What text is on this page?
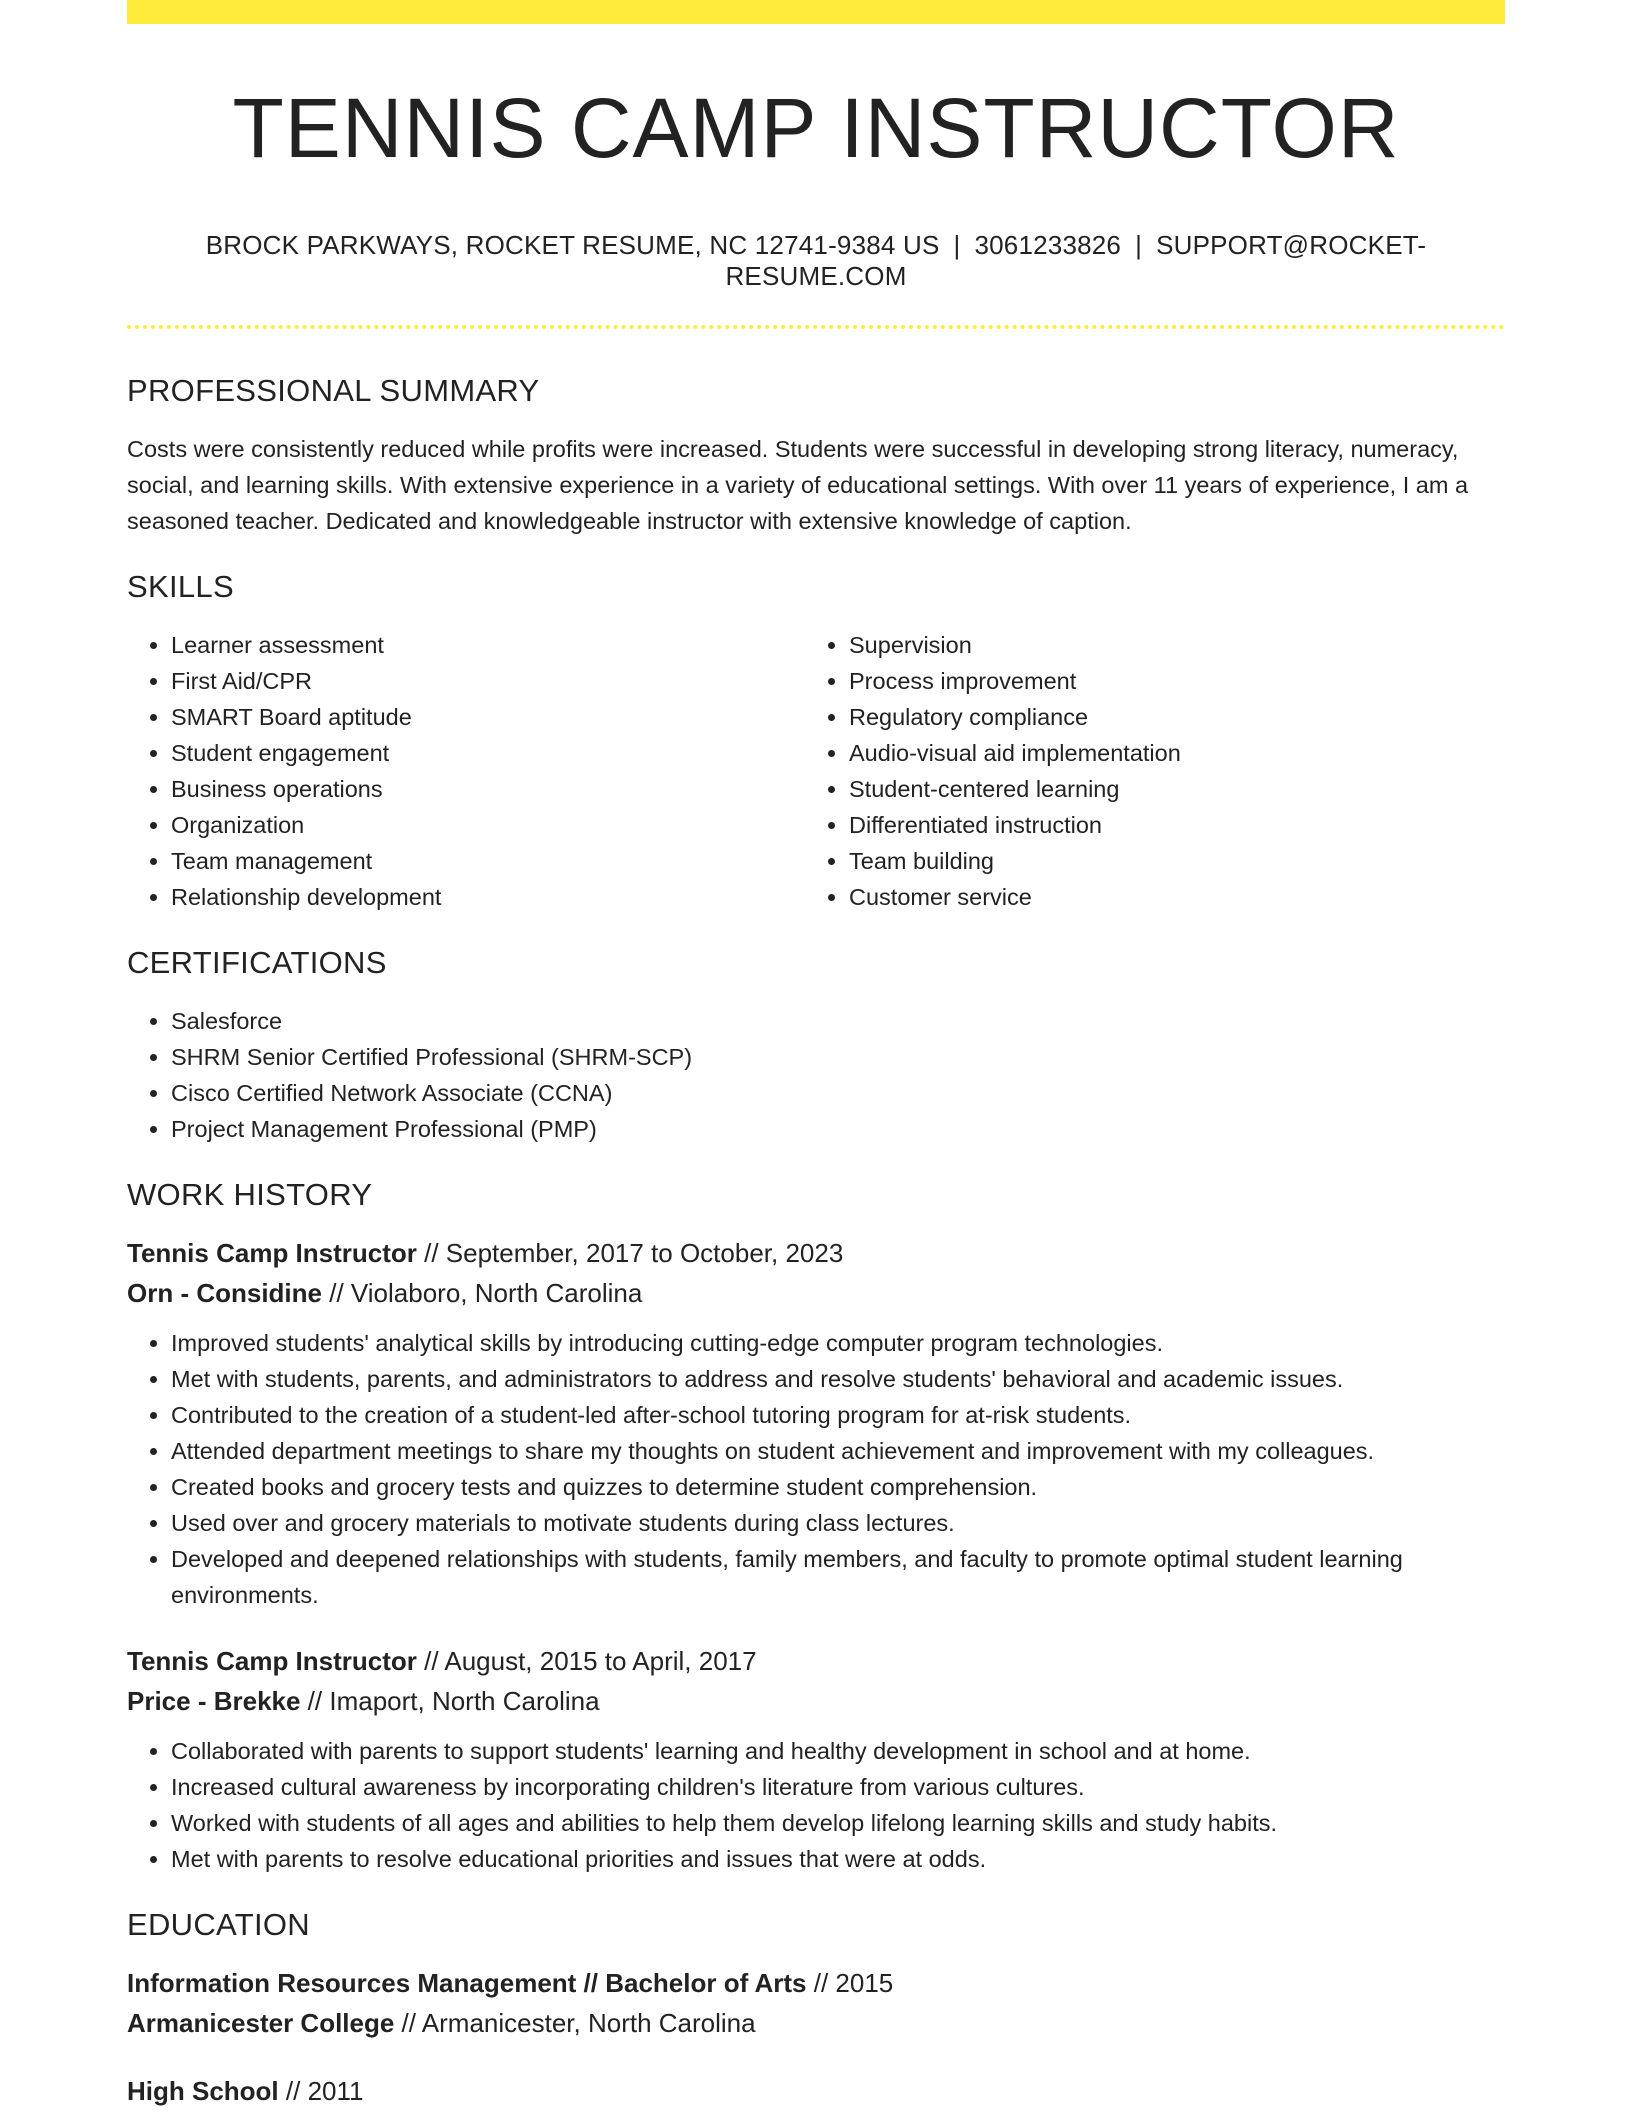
TENNIS CAMP INSTRUCTOR
BROCK PARKWAYS, ROCKET RESUME, NC 12741-9384 US | 3061233826 | SUPPORT@ROCKET-RESUME.COM
PROFESSIONAL SUMMARY

Costs were consistently reduced while profits were increased. Students were successful in developing strong literacy, numeracy, social, and learning skills. With extensive experience in a variety of educational settings. With over 11 years of experience, I am a seasoned teacher. Dedicated and knowledgeable instructor with extensive knowledge of caption.

SKILLS
• Learner assessment
• First Aid/CPR
• SMART Board aptitude
• Student engagement
• Business operations
• Organization
• Team management
• Relationship development
• Supervision
• Process improvement
• Regulatory compliance
• Audio-visual aid implementation
• Student-centered learning
• Differentiated instruction
• Team building
• Customer service
CERTIFICATIONS
• Salesforce
• SHRM Senior Certified Professional (SHRM-SCP)
• Cisco Certified Network Associate (CCNA)
• Project Management Professional (PMP)
WORK HISTORY
Tennis Camp Instructor // September, 2017 to October, 2023
Orn - Considine // Violaboro, North Carolina
• Improved students' analytical skills by introducing cutting-edge computer program technologies.
• Met with students, parents, and administrators to address and resolve students' behavioral and academic issues.
• Contributed to the creation of a student-led after-school tutoring program for at-risk students.
• Attended department meetings to share my thoughts on student achievement and improvement with my colleagues.
• Created books and grocery tests and quizzes to determine student comprehension.
• Used over and grocery materials to motivate students during class lectures.
• Developed and deepened relationships with students, family members, and faculty to promote optimal student learning environments.
Tennis Camp Instructor // August, 2015 to April, 2017
Price - Brekke // Imaport, North Carolina
• Collaborated with parents to support students' learning and healthy development in school and at home.
• Increased cultural awareness by incorporating children's literature from various cultures.
• Worked with students of all ages and abilities to help them develop lifelong learning skills and study habits.
• Met with parents to resolve educational priorities and issues that were at odds.
EDUCATION
Information Resources Management // Bachelor of Arts // 2015
Armanicester College // Armanicester, North Carolina
High School // 2011
